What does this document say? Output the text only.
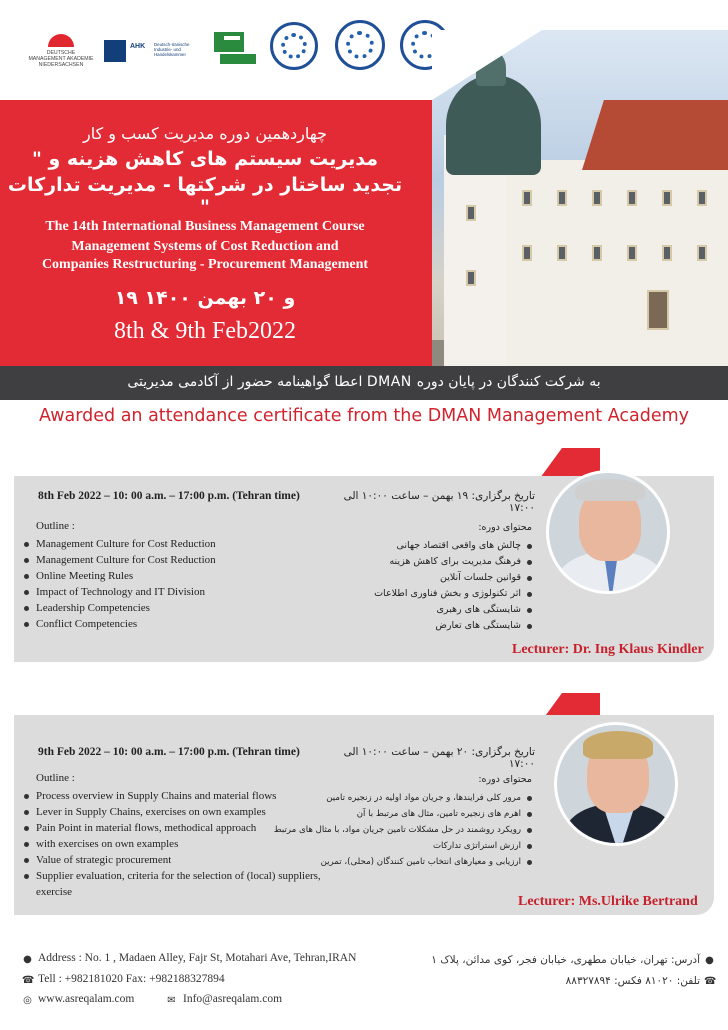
DEUTSCHE MANAGEMENT AKADEMIE NIEDERSACHSEN
AHK Deutsch-Iranische Industrie- und Handelskammer
چهاردهمین دوره مدیریت کسب و کار
" مدیریت سیستم های کاهش هزینه و
تجدید ساختار در شرکتها - مدیریت تدارکات "
The 14th International Business Management Course
Management Systems of Cost Reduction and
Companies Restructuring - Procurement Management
۱۹ و ۲۰ بهمن ۱۴۰۰
8th & 9th Feb2022
اعطا گواهینامه حضور از آکادمی مدیریتی DMAN به شرکت کنندگان در پایان دوره
Awarded an attendance certificate from the DMAN Management Academy
8th Feb 2022 – 10: 00 a.m. – 17:00 p.m. (Tehran time)	تاریخ برگزاری: ۱۹ بهمن – ساعت ۱۰:۰۰ الی ۱۷:۰۰
Outline :
Management Culture for Cost Reduction
Management Culture for Cost Reduction
Online Meeting Rules
Impact of Technology and IT Division
Leadership Competencies
Conflict Competencies
محتوای دوره:
چالش های واقعی اقتصاد جهانی
فرهنگ مدیریت برای کاهش هزینه
قوانین جلسات آنلاین
اثر تکنولوژی و بخش فناوری اطلاعات
شایستگی های رهبری
شایستگی های تعارض
Lecturer: Dr. Ing Klaus Kindler
9th Feb 2022 – 10: 00 a.m. – 17:00 p.m. (Tehran time)	تاریخ برگزاری: ۲۰ بهمن – ساعت ۱۰:۰۰ الی ۱۷:۰۰
Outline :
Process overview in Supply Chains and material flows
Lever in Supply Chains, exercises on own examples
Pain Point in material flows, methodical approach
with exercises on own examples
Value of strategic procurement
Supplier evaluation, criteria for the selection of (local) suppliers, exercise
محتوای دوره:
مرور کلی فرایندها، و جریان مواد اولیه در زنجیره تامین
اهرم های زنجیره تامین، مثال های مرتبط با آن
رویکرد روشمند در حل مشکلات تامین جریان مواد، با مثال های مرتبط
ارزش استراتژی تدارکات
ارزیابی و معیارهای انتخاب تامین کنندگان (محلی)، تمرین
Lecturer: Ms.Ulrike Bertrand
● Address : No. 1 , Madaen Alley, Fajr St, Motahari Ave, Tehran,IRAN
☎ Tell : +982181020 Fax: +982188327894
◎ www.asreqalam.com	✉ Info@asreqalam.com
آدرس: تهران، خیابان مطهری، خیابان فجر، کوی مدائن، پلاک ۱ ●
تلفن: ۸۱۰۲۰ فکس: ۸۸۳۲۷۸۹۴ ☎
